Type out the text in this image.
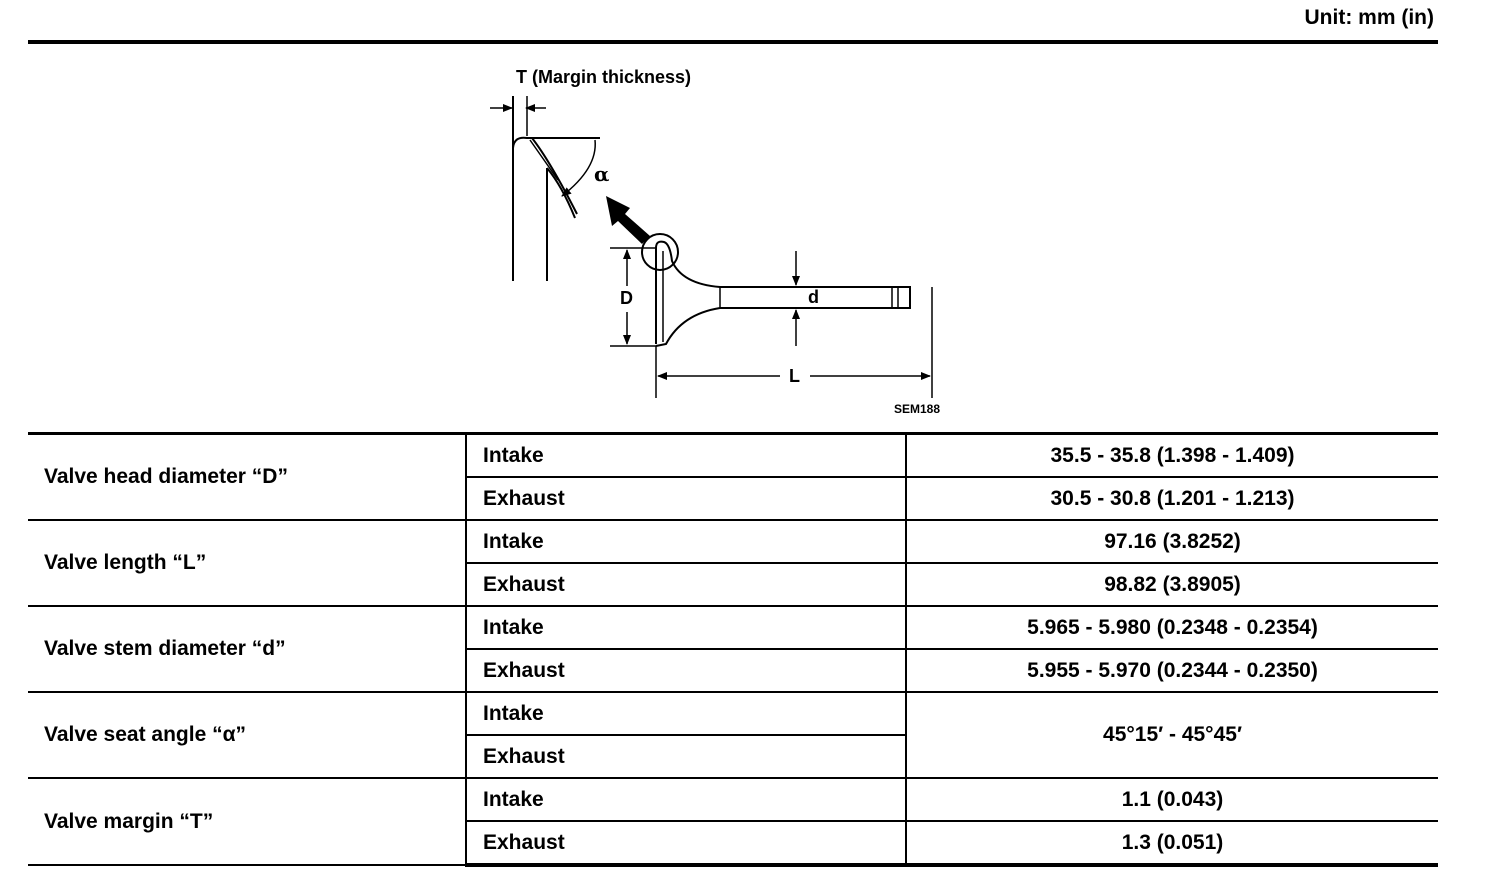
Unit: mm (in)
T (Margin thickness)
α
D	d
L
SEM188
Valve head diameter “D”	Intake	35.5 - 35.8 (1.398 - 1.409)
	Exhaust	30.5 - 30.8 (1.201 - 1.213)
Valve length “L”	Intake	97.16 (3.8252)
	Exhaust	98.82 (3.8905)
Valve stem diameter “d”	Intake	5.965 - 5.980 (0.2348 - 0.2354)
	Exhaust	5.955 - 5.970 (0.2344 - 0.2350)
Valve seat angle “α”	Intake	45°15′ - 45°45′
	Exhaust	
Valve margin “T”	Intake	1.1 (0.043)
	Exhaust	1.3 (0.051)
